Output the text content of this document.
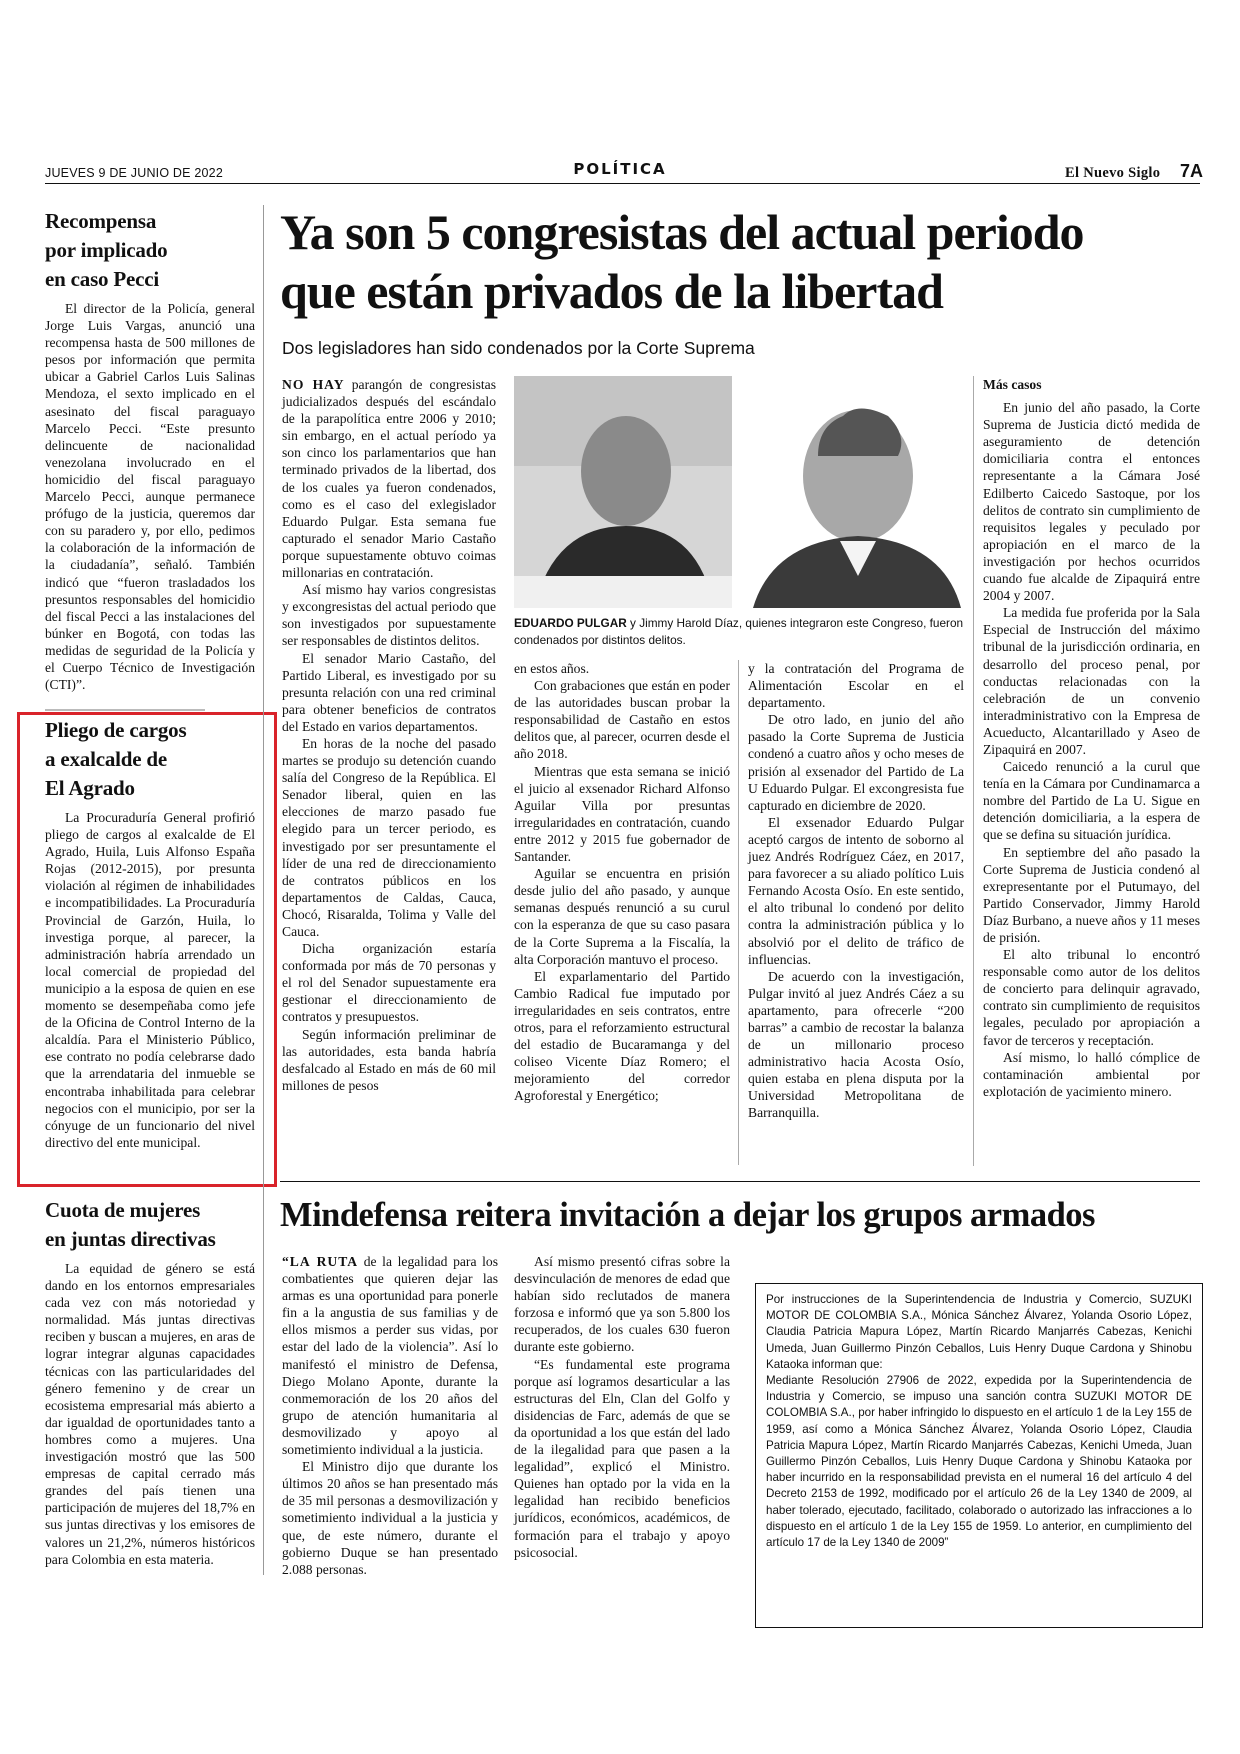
JUEVES 9 DE JUNIO DE 2022	POLÍTICA	El Nuevo Siglo 7A
Recompensa
por implicado
en caso Pecci

El director de la Policía, general Jorge Luis Vargas, anunció una recompensa hasta de 500 millones de pesos por información que permita ubicar a Gabriel Carlos Luis Salinas Mendoza, el sexto implicado en el asesinato del fiscal paraguayo Marcelo Pecci. “Este presunto delincuente de nacionalidad venezolana involucrado en el homicidio del fiscal paraguayo Marcelo Pecci, aunque permanece prófugo de la justicia, queremos dar con su paradero y, por ello, pedimos la colaboración de la información de la ciudadanía”, señaló. También indicó que “fueron trasladados los presuntos responsables del homicidio del fiscal Pecci a las instalaciones del búnker en Bogotá, con todas las medidas de seguridad de la Policía y el Cuerpo Técnico de Investigación (CTI)”.

Pliego de cargos
a exalcalde de
El Agrado

La Procuraduría General profirió pliego de cargos al exalcalde de El Agrado, Huila, Luis Alfonso España Rojas (2012-2015), por presunta violación al régimen de inhabilidades e incompatibilidades. La Procuraduría Provincial de Garzón, Huila, lo investiga porque, al parecer, la administración habría arrendado un local comercial de propiedad del municipio a la esposa de quien en ese momento se desempeñaba como jefe de la Oficina de Control Interno de la alcaldía. Para el Ministerio Público, ese contrato no podía celebrarse dado que la arrendataria del inmueble se encontraba inhabilitada para celebrar negocios con el municipio, por ser la cónyuge de un funcionario del nivel directivo del ente municipal.

Cuota de mujeres
en juntas directivas

La equidad de género se está dando en los entornos empresariales cada vez con más notoriedad y normalidad. Más juntas directivas reciben y buscan a mujeres, en aras de lograr integrar algunas capacidades técnicas con las particularidades del género femenino y de crear un ecosistema empresarial más abierto a dar igualdad de oportunidades tanto a hombres como a mujeres. Una investigación mostró que las 500 empresas de capital cerrado más grandes del país tienen una participación de mujeres del 18,7% en sus juntas directivas y los emisores de valores un 21,2%, números históricos para Colombia en esta materia.

Ya son 5 congresistas del actual periodo
que están privados de la libertad
Dos legisladores han sido condenados por la Corte Suprema

NO HAY parangón de congresistas judicializados después del escándalo de la parapolítica entre 2006 y 2010; sin embargo, en el actual período ya son cinco los parlamentarios que han terminado privados de la libertad, dos de los cuales ya fueron condenados, como es el caso del exlegislador Eduardo Pulgar. Esta semana fue capturado el senador Mario Castaño porque supuestamente obtuvo coimas millonarias en contratación.

Así mismo hay varios congresistas y excongresistas del actual periodo que son investigados por supuestamente ser responsables de distintos delitos.

El senador Mario Castaño, del Partido Liberal, es investigado por su presunta relación con una red criminal para obtener beneficios de contratos del Estado en varios departamentos.

En horas de la noche del pasado martes se produjo su detención cuando salía del Congreso de la República. El Senador liberal, quien en las elecciones de marzo pasado fue elegido para un tercer periodo, es investigado por ser presuntamente el líder de una red de direccionamiento de contratos públicos en los departamentos de Caldas, Cauca, Chocó, Risaralda, Tolima y Valle del Cauca.

Dicha organización estaría conformada por más de 70 personas y el rol del Senador supuestamente era gestionar el direccionamiento de contratos y presupuestos.

Según información preliminar de las autoridades, esta banda habría desfalcado al Estado en más de 60 mil millones de pesos

EDUARDO PULGAR y Jimmy Harold Díaz, quienes integraron este Congreso, fueron condenados por distintos delitos.

en estos años.

Con grabaciones que están en poder de las autoridades buscan probar la responsabilidad de Castaño en estos delitos que, al parecer, ocurren desde el año 2018.

Mientras que esta semana se inició el juicio al exsenador Richard Alfonso Aguilar Villa por presuntas irregularidades en contratación, cuando entre 2012 y 2015 fue gobernador de Santander.

Aguilar se encuentra en prisión desde julio del año pasado, y aunque semanas después renunció a su curul con la esperanza de que su caso pasara de la Corte Suprema a la Fiscalía, la alta Corporación mantuvo el proceso.

El exparlamentario del Partido Cambio Radical fue imputado por irregularidades en seis contratos, entre otros, para el reforzamiento estructural del estadio de Bucaramanga y del coliseo Vicente Díaz Romero; el mejoramiento del corredor Agroforestal y Energético;

y la contratación del Programa de Alimentación Escolar en el departamento.

De otro lado, en junio del año pasado la Corte Suprema de Justicia condenó a cuatro años y ocho meses de prisión al exsenador del Partido de La U Eduardo Pulgar. El excongresista fue capturado en diciembre de 2020.

El exsenador Eduardo Pulgar aceptó cargos de intento de soborno al juez Andrés Rodríguez Cáez, en 2017, para favorecer a su aliado político Luis Fernando Acosta Osío. En este sentido, el alto tribunal lo condenó por delito contra la administración pública y lo absolvió por el delito de tráfico de influencias.

De acuerdo con la investigación, Pulgar invitó al juez Andrés Cáez a su apartamento, para ofrecerle “200 barras” a cambio de recostar la balanza de un millonario proceso administrativo hacia Acosta Osío, quien estaba en plena disputa por la Universidad Metropolitana de Barranquilla.

Más casos

En junio del año pasado, la Corte Suprema de Justicia dictó medida de aseguramiento de detención domiciliaria contra el entonces representante a la Cámara José Edilberto Caicedo Sastoque, por los delitos de contrato sin cumplimiento de requisitos legales y peculado por apropiación en el marco de la investigación por hechos ocurridos cuando fue alcalde de Zipaquirá entre 2004 y 2007.

La medida fue proferida por la Sala Especial de Instrucción del máximo tribunal de la jurisdicción ordinaria, en desarrollo del proceso penal, por conductas relacionadas con la celebración de un convenio interadministrativo con la Empresa de Acueducto, Alcantarillado y Aseo de Zipaquirá en 2007.

Caicedo renunció a la curul que tenía en la Cámara por Cundinamarca a nombre del Partido de La U. Sigue en detención domiciliaria, a la espera de que se defina su situación jurídica.

En septiembre del año pasado la Corte Suprema de Justicia condenó al exrepresentante por el Putumayo, del Partido Conservador, Jimmy Harold Díaz Burbano, a nueve años y 11 meses de prisión.

El alto tribunal lo encontró responsable como autor de los delitos de concierto para delinquir agravado, contrato sin cumplimiento de requisitos legales, peculado por apropiación a favor de terceros y receptación.

Así mismo, lo halló cómplice de contaminación ambiental por explotación de yacimiento minero.

Mindefensa reitera invitación a dejar los grupos armados

“LA RUTA de la legalidad para los combatientes que quieren dejar las armas es una oportunidad para ponerle fin a la angustia de sus familias y de ellos mismos a perder sus vidas, por estar del lado de la violencia”. Así lo manifestó el ministro de Defensa, Diego Molano Aponte, durante la conmemoración de los 20 años del grupo de atención humanitaria al desmovilizado y apoyo al sometimiento individual a la justicia.

El Ministro dijo que durante los últimos 20 años se han presentado más de 35 mil personas a desmovilización y sometimiento individual a la justicia y que, de este número, durante el gobierno Duque se han presentado 2.088 personas.

Así mismo presentó cifras sobre la desvinculación de menores de edad que habían sido reclutados de manera forzosa e informó que ya son 5.800 los recuperados, de los cuales 630 fueron durante este gobierno.

“Es fundamental este programa porque así logramos desarticular a las estructuras del Eln, Clan del Golfo y disidencias de Farc, además de que se da oportunidad a los que están del lado de la ilegalidad para que pasen a la legalidad”, explicó el Ministro. Quienes han optado por la vida en la legalidad han recibido beneficios jurídicos, económicos, académicos, de formación para el trabajo y apoyo psicosocial.

Por instrucciones de la Superintendencia de Industria y Comercio, SUZUKI MOTOR DE COLOMBIA S.A., Mónica Sánchez Álvarez, Yolanda Osorio López, Claudia Patricia Mapura López, Martín Ricardo Manjarrés Cabezas, Kenichi Umeda, Juan Guillermo Pinzón Ceballos, Luis Henry Duque Cardona y Shinobu Kataoka informan que:

Mediante Resolución 27906 de 2022, expedida por la Superintendencia de Industria y Comercio, se impuso una sanción contra SUZUKI MOTOR DE COLOMBIA S.A., por haber infringido lo dispuesto en el artículo 1 de la Ley 155 de 1959, así como a Mónica Sánchez Álvarez, Yolanda Osorio López, Claudia Patricia Mapura López, Martín Ricardo Manjarrés Cabezas, Kenichi Umeda, Juan Guillermo Pinzón Ceballos, Luis Henry Duque Cardona y Shinobu Kataoka por haber incurrido en la responsabilidad prevista en el numeral 16 del artículo 4 del Decreto 2153 de 1992, modificado por el artículo 26 de la Ley 1340 de 2009, al haber tolerado, ejecutado, facilitado, colaborado o autorizado las infracciones a lo dispuesto en el artículo 1 de la Ley 155 de 1959. Lo anterior, en cumplimiento del artículo 17 de la Ley 1340 de 2009”
